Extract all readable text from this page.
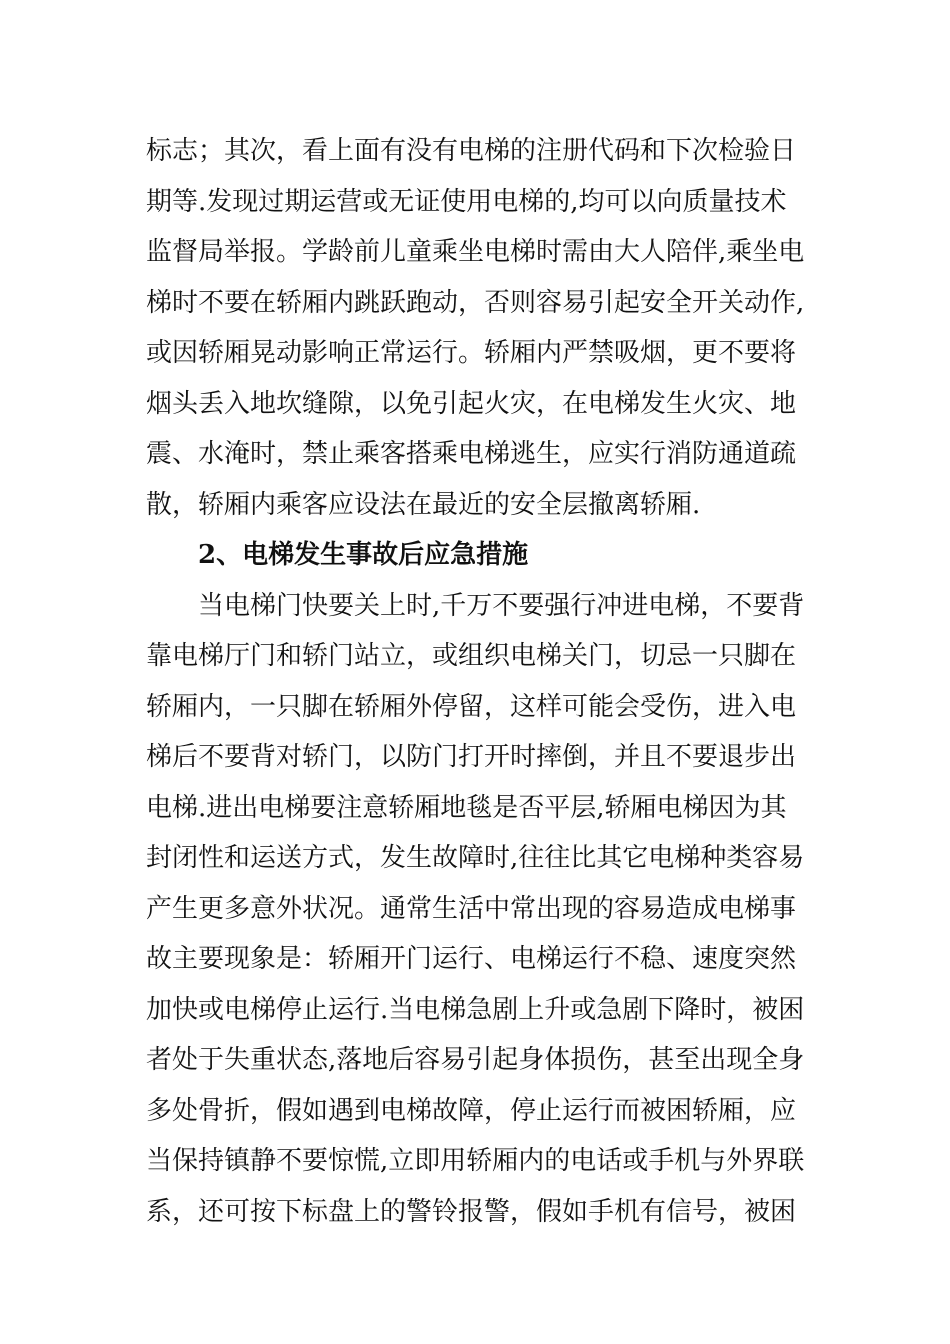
标志；其次，看上面有没有电梯的注册代码和下次检验日
期等.发现过期运营或无证使用电梯的,均可以向质量技术
监督局举报。学龄前儿童乘坐电梯时需由大人陪伴,乘坐电
梯时不要在轿厢内跳跃跑动，否则容易引起安全开关动作,
或因轿厢晃动影响正常运行。轿厢内严禁吸烟，更不要将
烟头丢入地坎缝隙，以免引起火灾，在电梯发生火灾、地
震、水淹时，禁止乘客搭乘电梯逃生，应实行消防通道疏
散，轿厢内乘客应设法在最近的安全层撤离轿厢.
2、电梯发生事故后应急措施
当电梯门快要关上时,千万不要强行冲进电梯，不要背
靠电梯厅门和轿门站立，或组织电梯关门，切忌一只脚在
轿厢内，一只脚在轿厢外停留，这样可能会受伤，进入电
梯后不要背对轿门，以防门打开时摔倒，并且不要退步出
电梯.进出电梯要注意轿厢地毯是否平层,轿厢电梯因为其
封闭性和运送方式，发生故障时,往往比其它电梯种类容易
产生更多意外状况。通常生活中常出现的容易造成电梯事
故主要现象是：轿厢开门运行、电梯运行不稳、速度突然
加快或电梯停止运行.当电梯急剧上升或急剧下降时，被困
者处于失重状态,落地后容易引起身体损伤，甚至出现全身
多处骨折，假如遇到电梯故障，停止运行而被困轿厢，应
当保持镇静不要惊慌,立即用轿厢内的电话或手机与外界联
系，还可按下标盘上的警铃报警，假如手机有信号，被困
